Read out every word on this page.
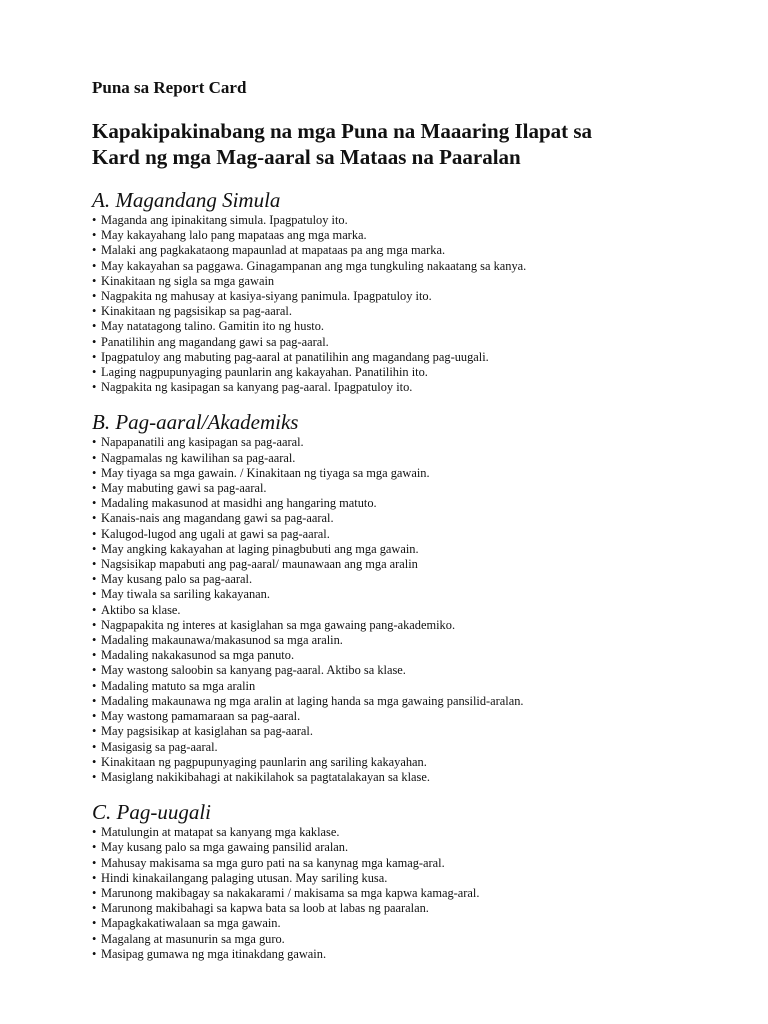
Puna sa Report Card
Kapakipakinabang na mga Puna na Maaaring Ilapat sa
Kard ng mga Mag-aaral sa Mataas na Paaralan
A. Magandang Simula
• Maganda ang ipinakitang simula. Ipagpatuloy ito.
• May kakayahang lalo pang mapataas ang mga marka.
• Malaki ang pagkakataong mapaunlad at mapataas pa ang mga marka.
• May kakayahan sa paggawa. Ginagampanan ang mga tungkuling nakaatang sa kanya.
• Kinakitaan ng sigla sa mga gawain
• Nagpakita ng mahusay at kasiya-siyang panimula. Ipagpatuloy ito.
• Kinakitaan ng pagsisikap sa pag-aaral.
• May natatagong talino. Gamitin ito ng husto.
• Panatilihin ang magandang gawi sa pag-aaral.
• Ipagpatuloy ang mabuting pag-aaral at panatilihin ang magandang pag-uugali.
• Laging nagpupunyaging paunlarin ang kakayahan. Panatilihin ito.
• Nagpakita ng kasipagan sa kanyang pag-aaral. Ipagpatuloy ito.
B. Pag-aaral/Akademiks
• Napapanatili ang kasipagan sa pag-aaral.
• Nagpamalas ng kawilihan sa pag-aaral.
• May tiyaga sa mga gawain. / Kinakitaan ng tiyaga sa mga gawain.
• May mabuting gawi sa pag-aaral.
• Madaling makasunod at masidhi ang hangaring matuto.
• Kanais-nais ang magandang gawi sa pag-aaral.
• Kalugod-lugod ang ugali at gawi sa pag-aaral.
• May angking kakayahan at laging pinagbubuti ang mga gawain.
• Nagsisikap mapabuti ang pag-aaral/ maunawaan ang mga aralin
• May kusang palo sa pag-aaral.
• May tiwala sa sariling kakayanan.
• Aktibo sa klase.
• Nagpapakita ng interes at kasiglahan sa mga gawaing pang-akademiko.
• Madaling makaunawa/makasunod sa mga aralin.
• Madaling nakakasunod sa mga panuto.
• May wastong saloobin sa kanyang pag-aaral. Aktibo sa klase.
• Madaling matuto sa mga aralin
• Madaling makaunawa ng mga aralin at laging handa sa mga gawaing pansilid-aralan.
• May wastong pamamaraan sa pag-aaral.
• May pagsisikap at kasiglahan sa pag-aaral.
• Masigasig sa pag-aaral.
• Kinakitaan ng pagpupunyaging paunlarin ang sariling kakayahan.
• Masiglang nakikibahagi at nakikilahok sa pagtatalakayan sa klase.
C. Pag-uugali
• Matulungin at matapat sa kanyang mga kaklase.
• May kusang palo sa mga gawaing pansilid aralan.
• Mahusay makisama sa mga guro pati na sa kanynag mga kamag-aral.
• Hindi kinakailangang palaging utusan. May sariling kusa.
• Marunong makibagay sa nakakarami / makisama sa mga kapwa kamag-aral.
• Marunong makibahagi sa kapwa bata sa loob at labas ng paaralan.
• Mapagkakatiwalaan sa mga gawain.
• Magalang at masunurin sa mga guro.
• Masipag gumawa ng mga itinakdang gawain.
